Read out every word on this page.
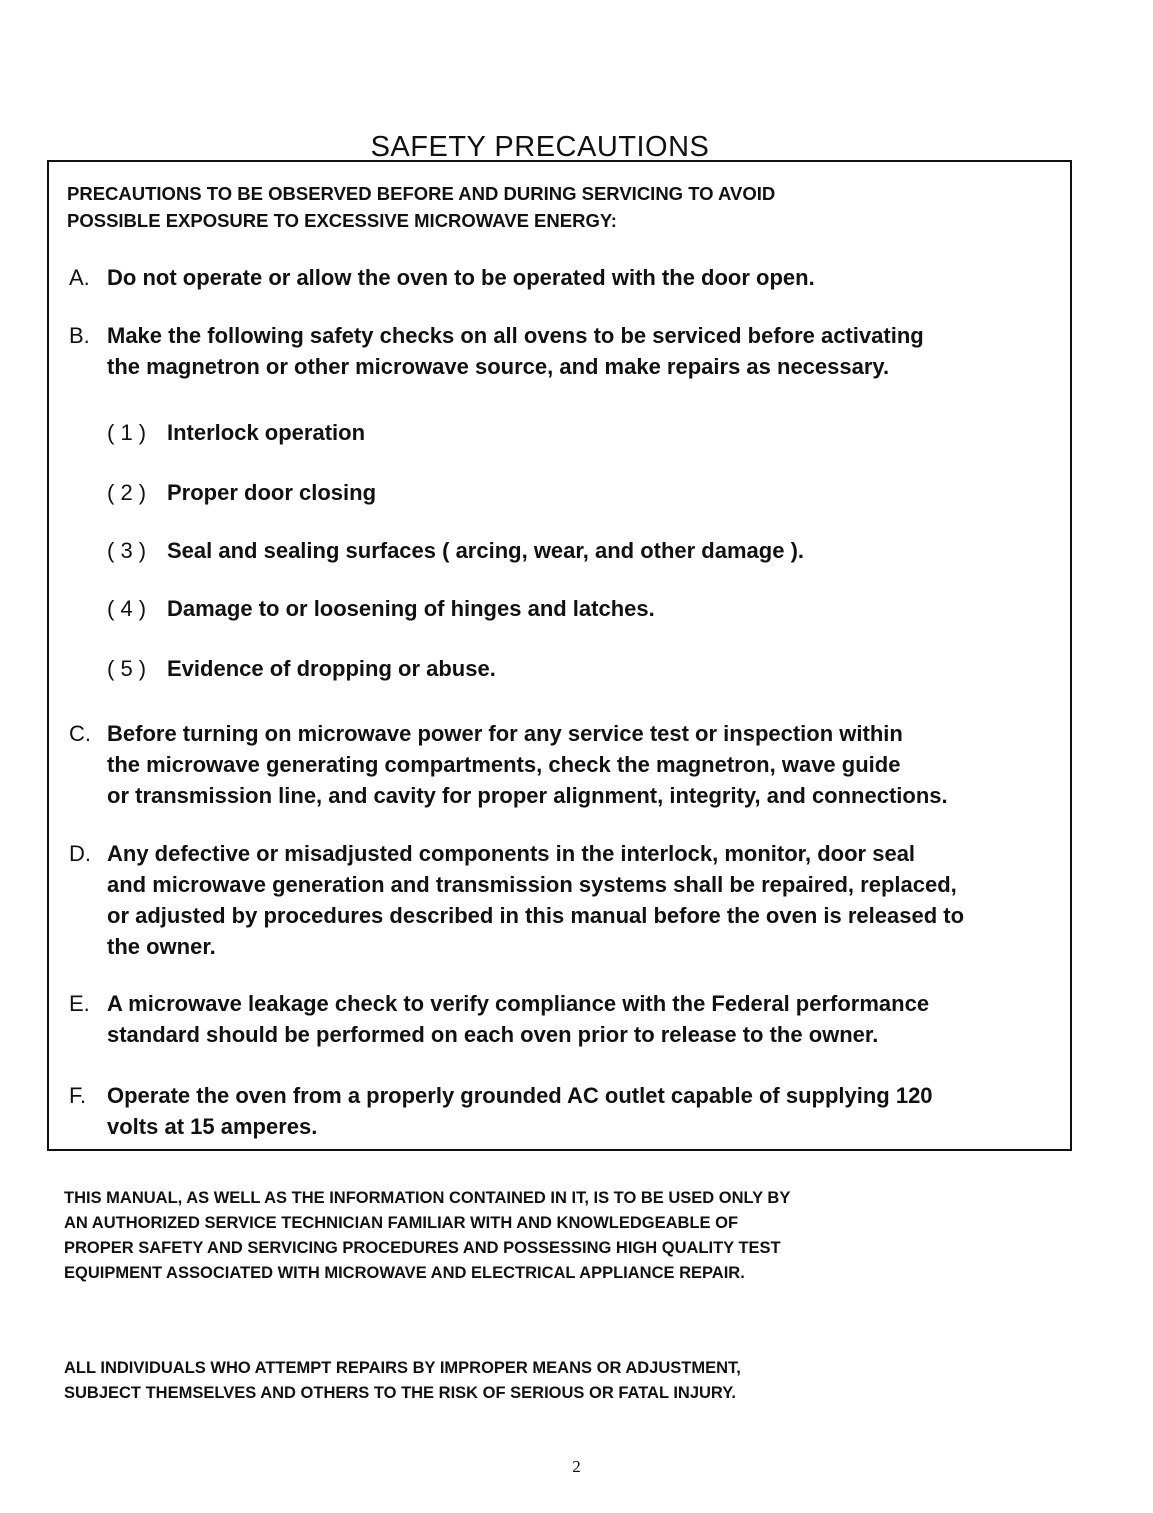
SAFETY PRECAUTIONS
PRECAUTIONS TO BE OBSERVED BEFORE AND DURING SERVICING TO AVOID
POSSIBLE EXPOSURE TO EXCESSIVE MICROWAVE ENERGY:
A. Do not operate or allow the oven to be operated with the door open.
B. Make the following safety checks on all ovens to be serviced before activating
the magnetron or other microwave source, and make repairs as necessary.
( 1 ) Interlock operation
( 2 ) Proper door closing
( 3 ) Seal and sealing surfaces ( arcing, wear, and other damage ).
( 4 ) Damage to or loosening of hinges and latches.
( 5 ) Evidence of dropping or abuse.
C. Before turning on microwave power for any service test or inspection within
the microwave generating compartments, check the magnetron, wave guide
or transmission line, and cavity for proper alignment, integrity, and connections.
D. Any defective or misadjusted components in the interlock, monitor, door seal
and microwave generation and transmission systems shall be repaired, replaced,
or adjusted by procedures described in this manual before the oven is released to
the owner.
E. A microwave leakage check to verify compliance with the Federal performance
standard should be performed on each oven prior to release to the owner.
F. Operate the oven from a properly grounded AC outlet capable of supplying 120
volts at 15 amperes.
THIS MANUAL, AS WELL AS THE INFORMATION CONTAINED IN IT, IS TO BE USED ONLY BY
AN AUTHORIZED SERVICE TECHNICIAN FAMILIAR WITH AND KNOWLEDGEABLE OF
PROPER SAFETY AND SERVICING PROCEDURES AND POSSESSING HIGH QUALITY TEST
EQUIPMENT ASSOCIATED WITH MICROWAVE AND ELECTRICAL APPLIANCE REPAIR.
ALL INDIVIDUALS WHO ATTEMPT REPAIRS BY IMPROPER MEANS OR ADJUSTMENT,
SUBJECT THEMSELVES AND OTHERS TO THE RISK OF SERIOUS OR FATAL INJURY.
2
